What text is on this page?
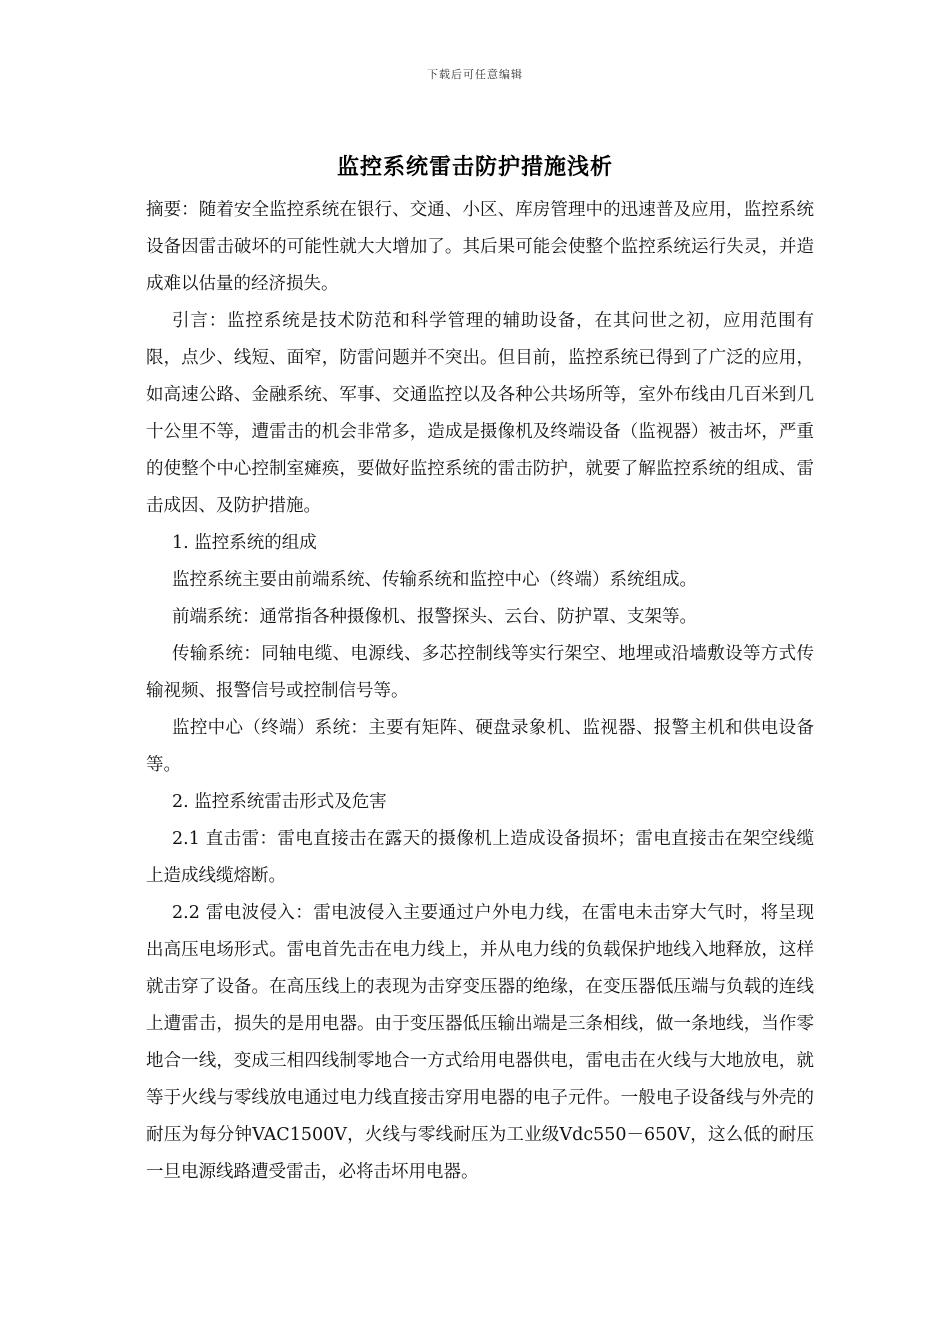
下载后可任意编辑
监控系统雷击防护措施浅析

摘要：随着安全监控系统在银行、交通、小区、库房管理中的迅速普及应用，监控系统设备因雷击破坏的可能性就大大增加了。其后果可能会使整个监控系统运行失灵，并造成难以估量的经济损失。

引言：监控系统是技术防范和科学管理的辅助设备，在其问世之初，应用范围有限，点少、线短、面窄，防雷问题并不突出。但目前，监控系统已得到了广泛的应用，如高速公路、金融系统、军事、交通监控以及各种公共场所等，室外布线由几百米到几十公里不等，遭雷击的机会非常多，造成是摄像机及终端设备（监视器）被击坏，严重的使整个中心控制室瘫痪，要做好监控系统的雷击防护，就要了解监控系统的组成、雷击成因、及防护措施。

1. 监控系统的组成

监控系统主要由前端系统、传输系统和监控中心（终端）系统组成。

前端系统：通常指各种摄像机、报警探头、云台、防护罩、支架等。

传输系统：同轴电缆、电源线、多芯控制线等实行架空、地埋或沿墙敷设等方式传输视频、报警信号或控制信号等。

监控中心（终端）系统：主要有矩阵、硬盘录象机、监视器、报警主机和供电设备等。

2. 监控系统雷击形式及危害

2.1 直击雷：雷电直接击在露天的摄像机上造成设备损坏；雷电直接击在架空线缆上造成线缆熔断。

2.2 雷电波侵入：雷电波侵入主要通过户外电力线，在雷电未击穿大气时，将呈现出高压电场形式。雷电首先击在电力线上，并从电力线的负载保护地线入地释放，这样就击穿了设备。在高压线上的表现为击穿变压器的绝缘，在变压器低压端与负载的连线上遭雷击，损失的是用电器。由于变压器低压输出端是三条相线，做一条地线，当作零地合一线，变成三相四线制零地合一方式给用电器供电，雷电击在火线与大地放电，就等于火线与零线放电通过电力线直接击穿用电器的电子元件。一般电子设备线与外壳的耐压为每分钟VAC1500V，火线与零线耐压为工业级Vdc550－650V，这么低的耐压一旦电源线路遭受雷击，必将击坏用电器。
